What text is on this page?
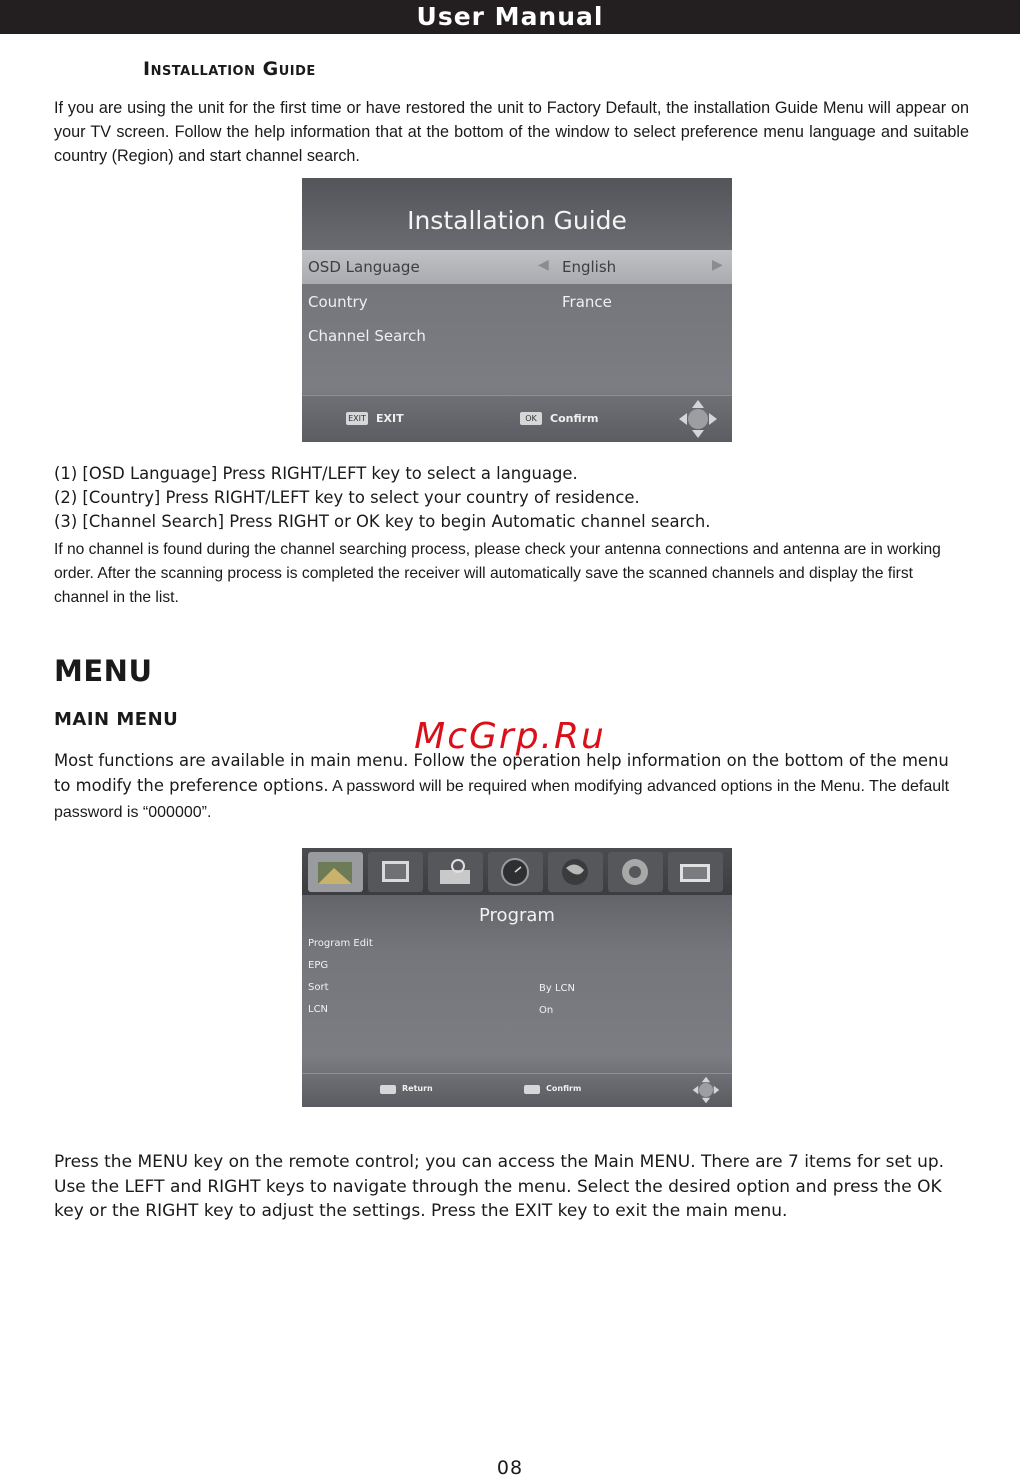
User Manual
Installation Guide
If you are using the unit for the first time or have restored the unit to Factory Default, the installation Guide Menu will appear on your TV screen. Follow the help information that at the bottom of the window to select preference menu language and suitable country (Region) and start channel search.
Installation Guide
OSD Language	◀ English	▶
Country	France
Channel Search
EXIT EXIT	OK	Confirm
(1) [OSD Language] Press RIGHT/LEFT key to select a language.
(2) [Country] Press RIGHT/LEFT key to select your country of residence.
(3) [Channel Search] Press RIGHT or OK key to begin Automatic channel search.
If no channel is found during the channel searching process, please check your antenna connections and antenna are in working order. After the scanning process is completed the receiver will automatically save the scanned channels and display the first channel in the list.
MENU
MAIN MENU
Most functions are available in main menu. Follow the operation help information on the bottom of the menu to modify the preference options. A password will be required when modifying advanced options in the Menu. The default password is “000000”.
McGrp.Ru
Program
Program Edit
EPG
Sort	By LCN
LCN	On
Return	Confirm
Press the MENU key on the remote control; you can access the Main MENU. There are 7 items for set up. Use the LEFT and RIGHT keys to navigate through the menu. Select the desired option and press the OK key or the RIGHT key to adjust the settings. Press the EXIT key to exit the main menu.
08
